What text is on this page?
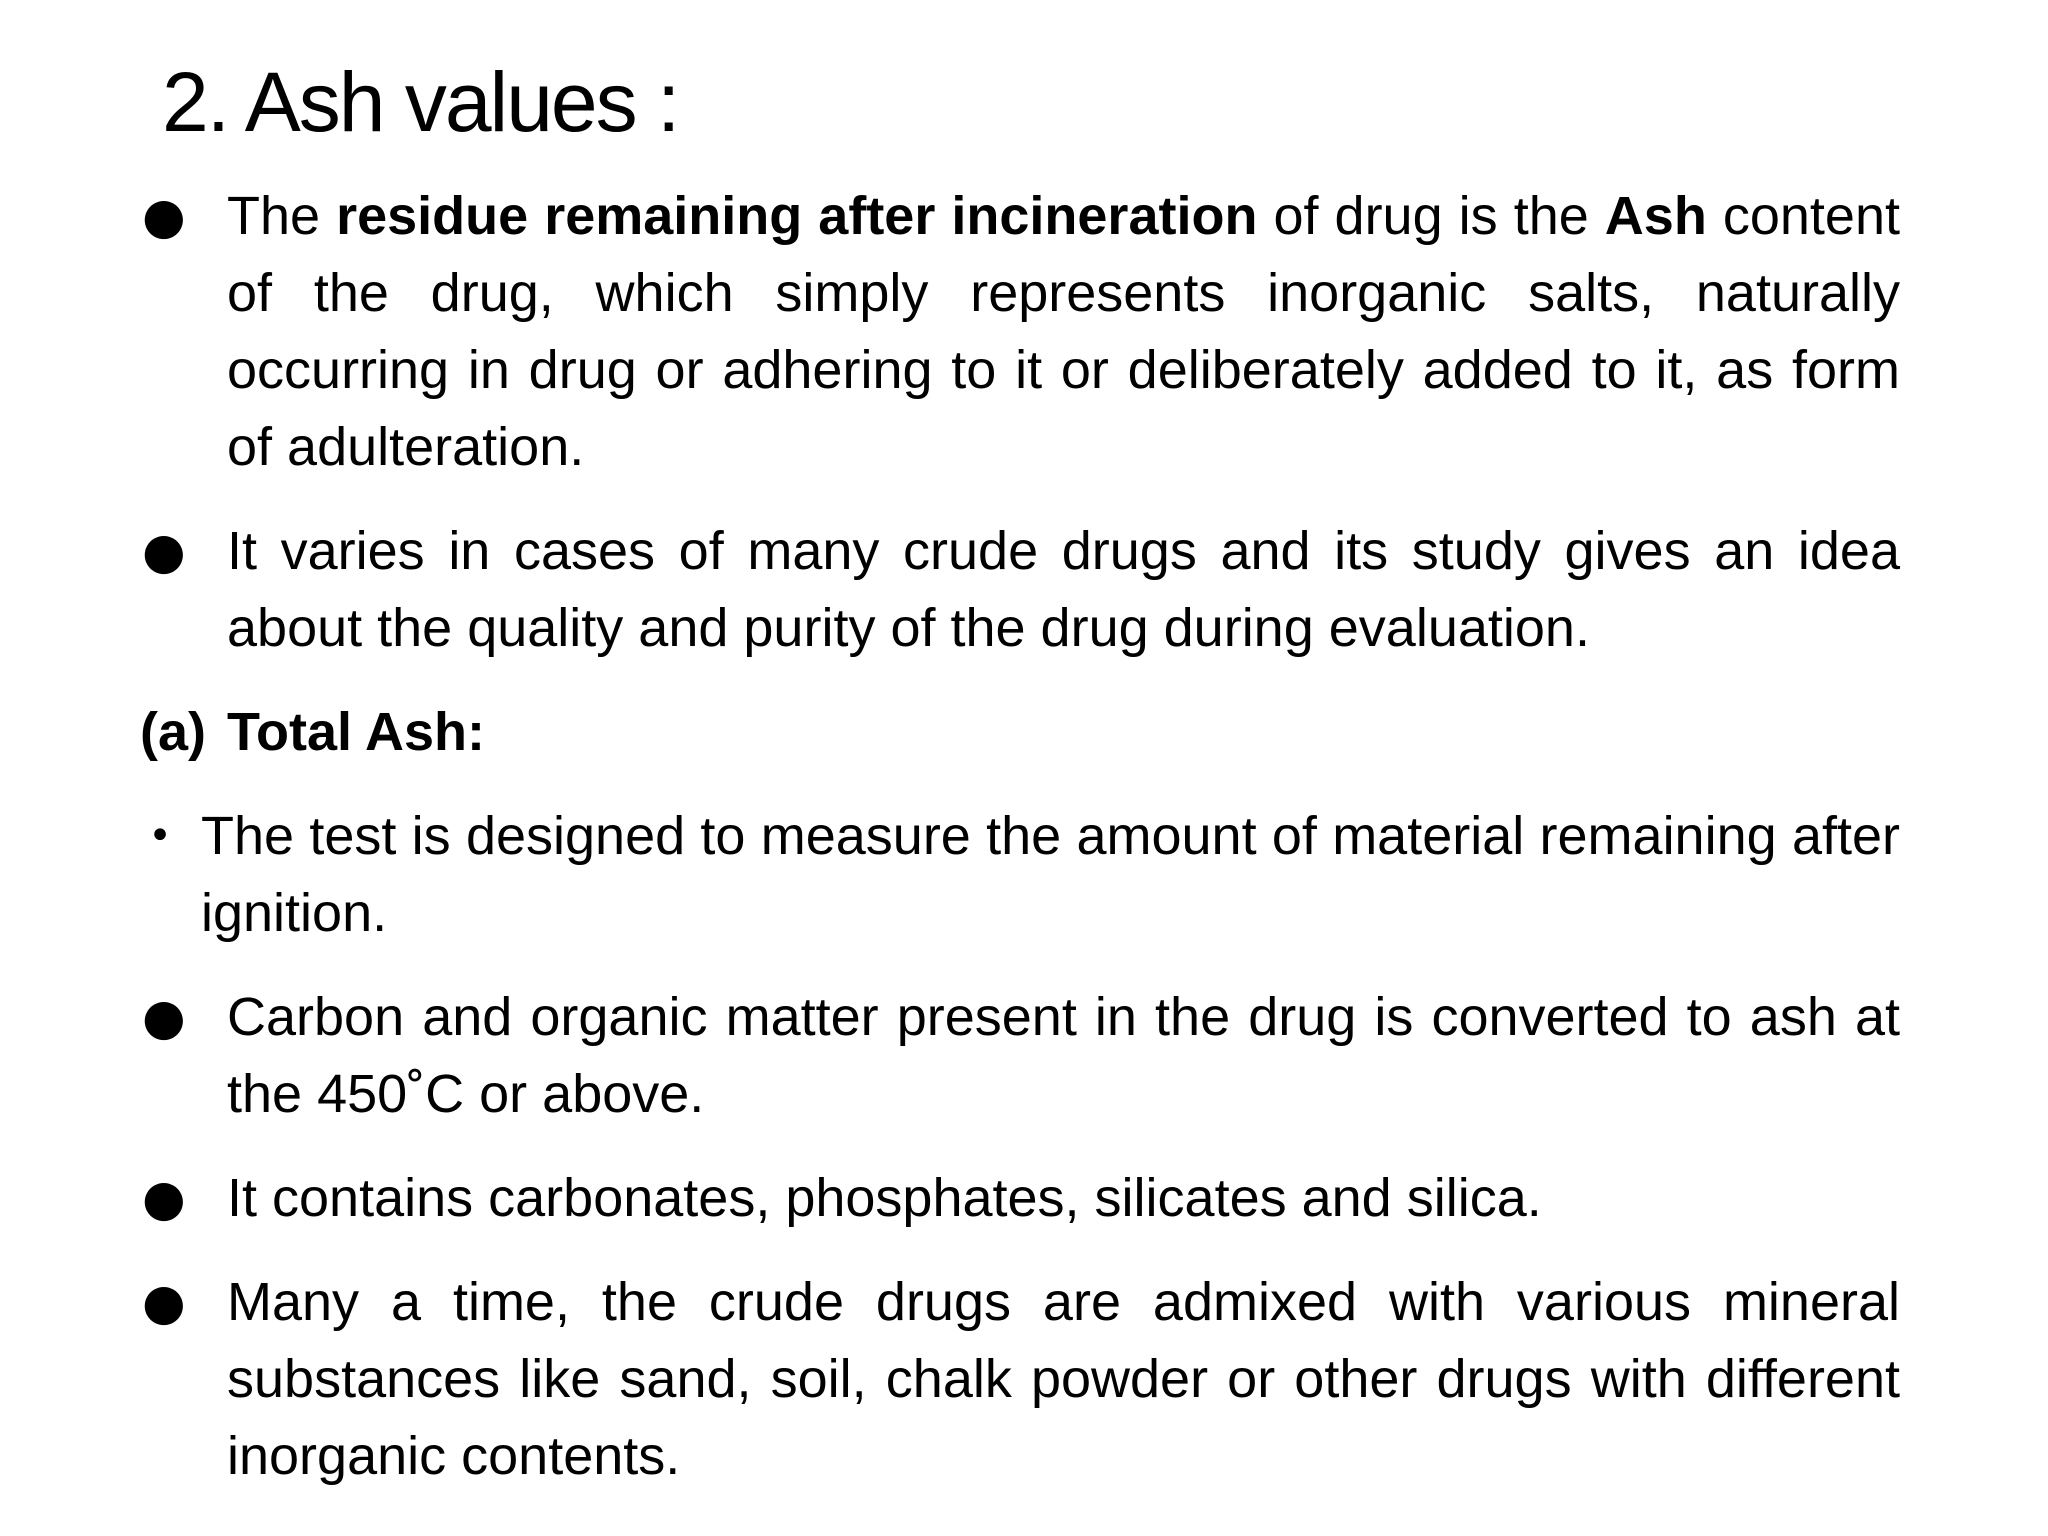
2. Ash values :
● The residue remaining after incineration of drug is the Ash content of the drug, which simply represents inorganic salts, naturally occurring in drug or adhering to it or deliberately added to it, as form of adulteration.
● It varies in cases of many crude drugs and its study gives an idea about the quality and purity of the drug during evaluation.
(a) Total Ash:
• The test is designed to measure the amount of material remaining after ignition.
● Carbon and organic matter present in the drug is converted to ash at the 450˚C or above.
● It contains carbonates, phosphates, silicates and silica.
● Many a time, the crude drugs are admixed with various mineral substances like sand, soil, chalk powder or other drugs with different inorganic contents.
